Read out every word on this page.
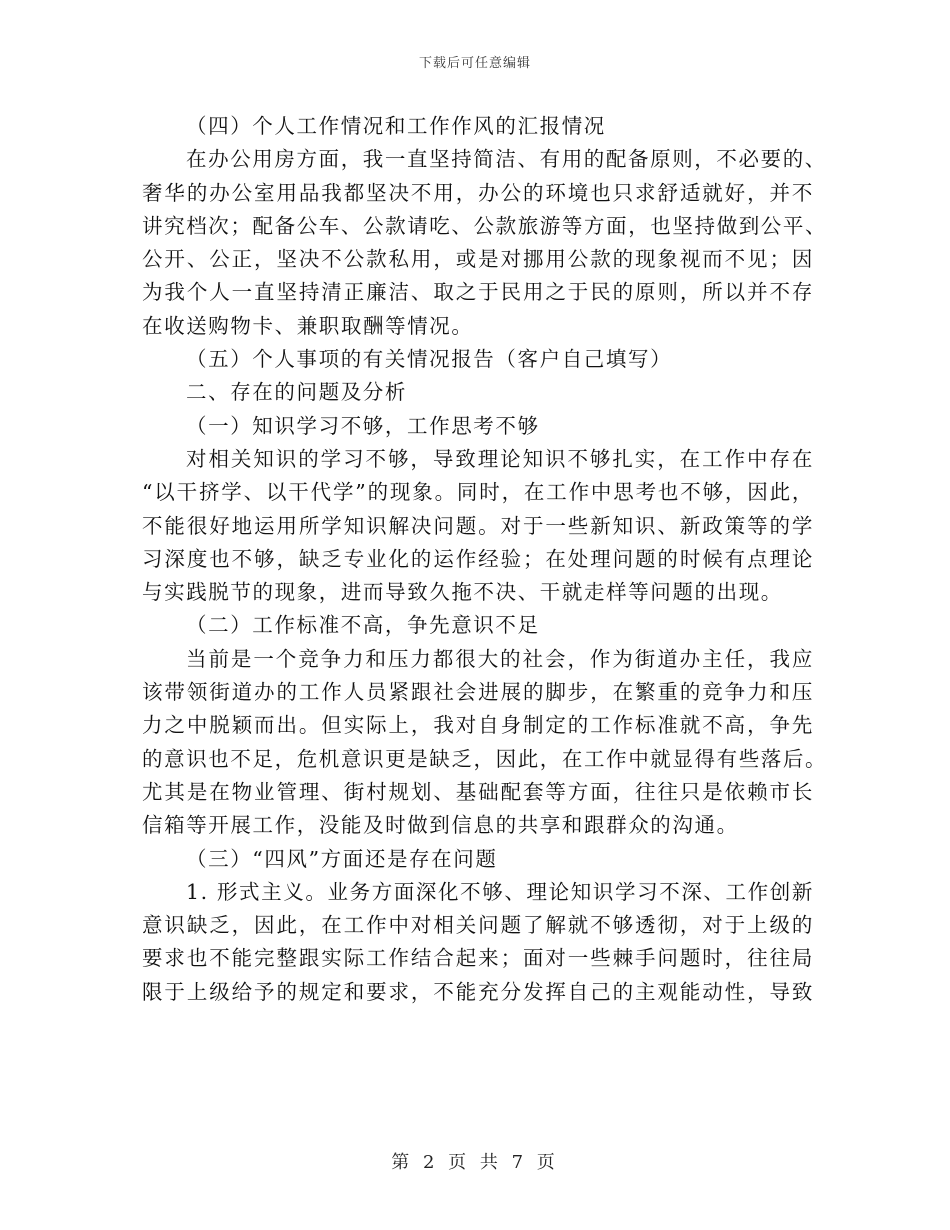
下载后可任意编辑
（四）个人工作情况和工作作风的汇报情况
在办公用房方面，我一直坚持简洁、有用的配备原则，不必要的、
奢华的办公室用品我都坚决不用，办公的环境也只求舒适就好，并不
讲究档次；配备公车、公款请吃、公款旅游等方面，也坚持做到公平、
公开、公正，坚决不公款私用，或是对挪用公款的现象视而不见；因
为我个人一直坚持清正廉洁、取之于民用之于民的原则，所以并不存
在收送购物卡、兼职取酬等情况。
（五）个人事项的有关情况报告（客户自己填写）
二、存在的问题及分析
（一）知识学习不够，工作思考不够
对相关知识的学习不够，导致理论知识不够扎实，在工作中存在
“以干挤学、以干代学”的现象。同时，在工作中思考也不够，因此，
不能很好地运用所学知识解决问题。对于一些新知识、新政策等的学
习深度也不够，缺乏专业化的运作经验；在处理问题的时候有点理论
与实践脱节的现象，进而导致久拖不决、干就走样等问题的出现。
（二）工作标准不高，争先意识不足
当前是一个竞争力和压力都很大的社会，作为街道办主任，我应
该带领街道办的工作人员紧跟社会进展的脚步，在繁重的竞争力和压
力之中脱颖而出。但实际上，我对自身制定的工作标准就不高，争先
的意识也不足，危机意识更是缺乏，因此，在工作中就显得有些落后。
尤其是在物业管理、街村规划、基础配套等方面，往往只是依赖市长
信箱等开展工作，没能及时做到信息的共享和跟群众的沟通。
（三）“四风”方面还是存在问题
1. 形式主义。业务方面深化不够、理论知识学习不深、工作创新
意识缺乏，因此，在工作中对相关问题了解就不够透彻，对于上级的
要求也不能完整跟实际工作结合起来；面对一些棘手问题时，往往局
限于上级给予的规定和要求，不能充分发挥自己的主观能动性，导致
第 2 页 共 7 页
